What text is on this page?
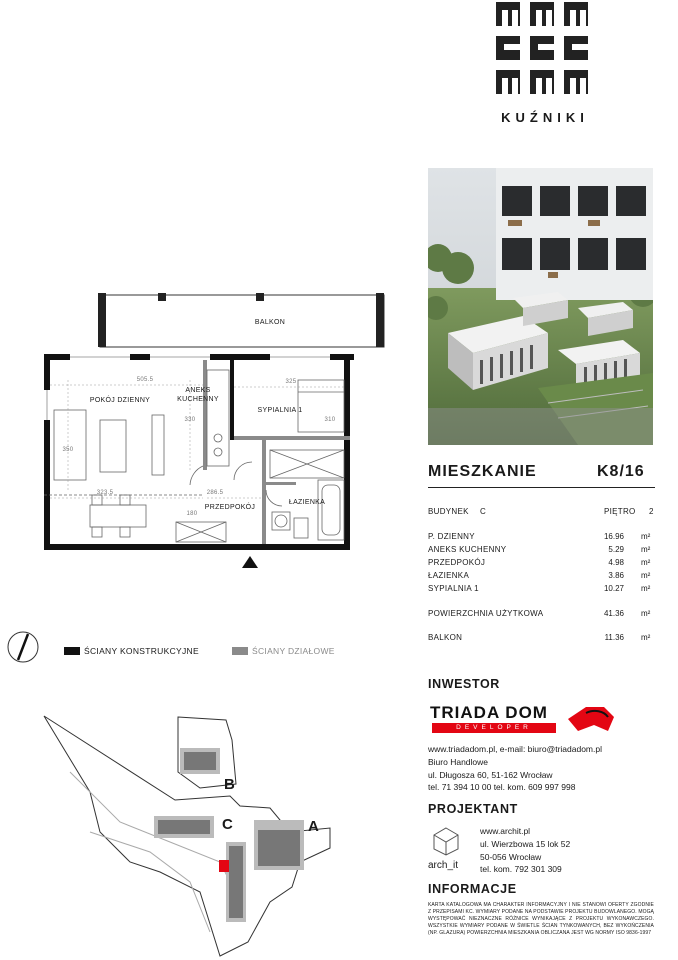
KUŹNIKI
BALKON
POKÓJ DZIENNY
ANEKS KUCHENNY
SYPIALNIA 1
PRZEDPOKÓJ
ŁAZIENKA
505.5	325
330
323.5	286.5
180
350
310
ŚCIANY KONSTRUKCYJNE	ŚCIANY DZIAŁOWE
B
C	A
MIESZKANIE	K8/16
BUDYNEK C	PIĘTRO 2
P. DZIENNY	16.96 m²
ANEKS KUCHENNY	5.29 m²
PRZEDPOKÓJ	4.98 m²
ŁAZIENKA	3.86 m²
SYPIALNIA 1	10.27 m²
POWIERZCHNIA UŻYTKOWA	41.36 m²
BALKON	11.36 m²
INWESTOR
TRIADA DOM
DEVELOPER
www.triadadom.pl, e-mail: biuro@triadadom.pl
Biuro Handlowe
ul. Długosza 60, 51-162 Wrocław
tel. 71 394 10 00 tel. kom. 609 997 998
PROJEKTANT
arch_it
www.archit.pl
ul. Wierzbowa 15 lok 52
50-056 Wrocław
tel. kom. 792 301 309
INFORMACJE
KARTA KATALOGOWA MA CHARAKTER INFORMACYJNY I NIE STANOWI OFERTY ZGODNIE Z PRZEPISAMI KC. WYMIARY PODANE NA PODSTAWIE PROJEKTU BUDOWLANEGO. MOGĄ WYSTĘPOWAĆ NIEZNACZNE RÓŻNICE WYNIKAJĄCE Z PROJEKTU WYKONAWCZEGO. WSZYSTKIE WYMIARY PODANE W ŚWIETLE ŚCIAN TYNKOWANYCH, BEZ WYKOŃCZENIA (NP. GLAZURA) POWIERZCHNIA MIESZKANIA OBLICZANA JEST WG NORMY ISO 9836-1997
